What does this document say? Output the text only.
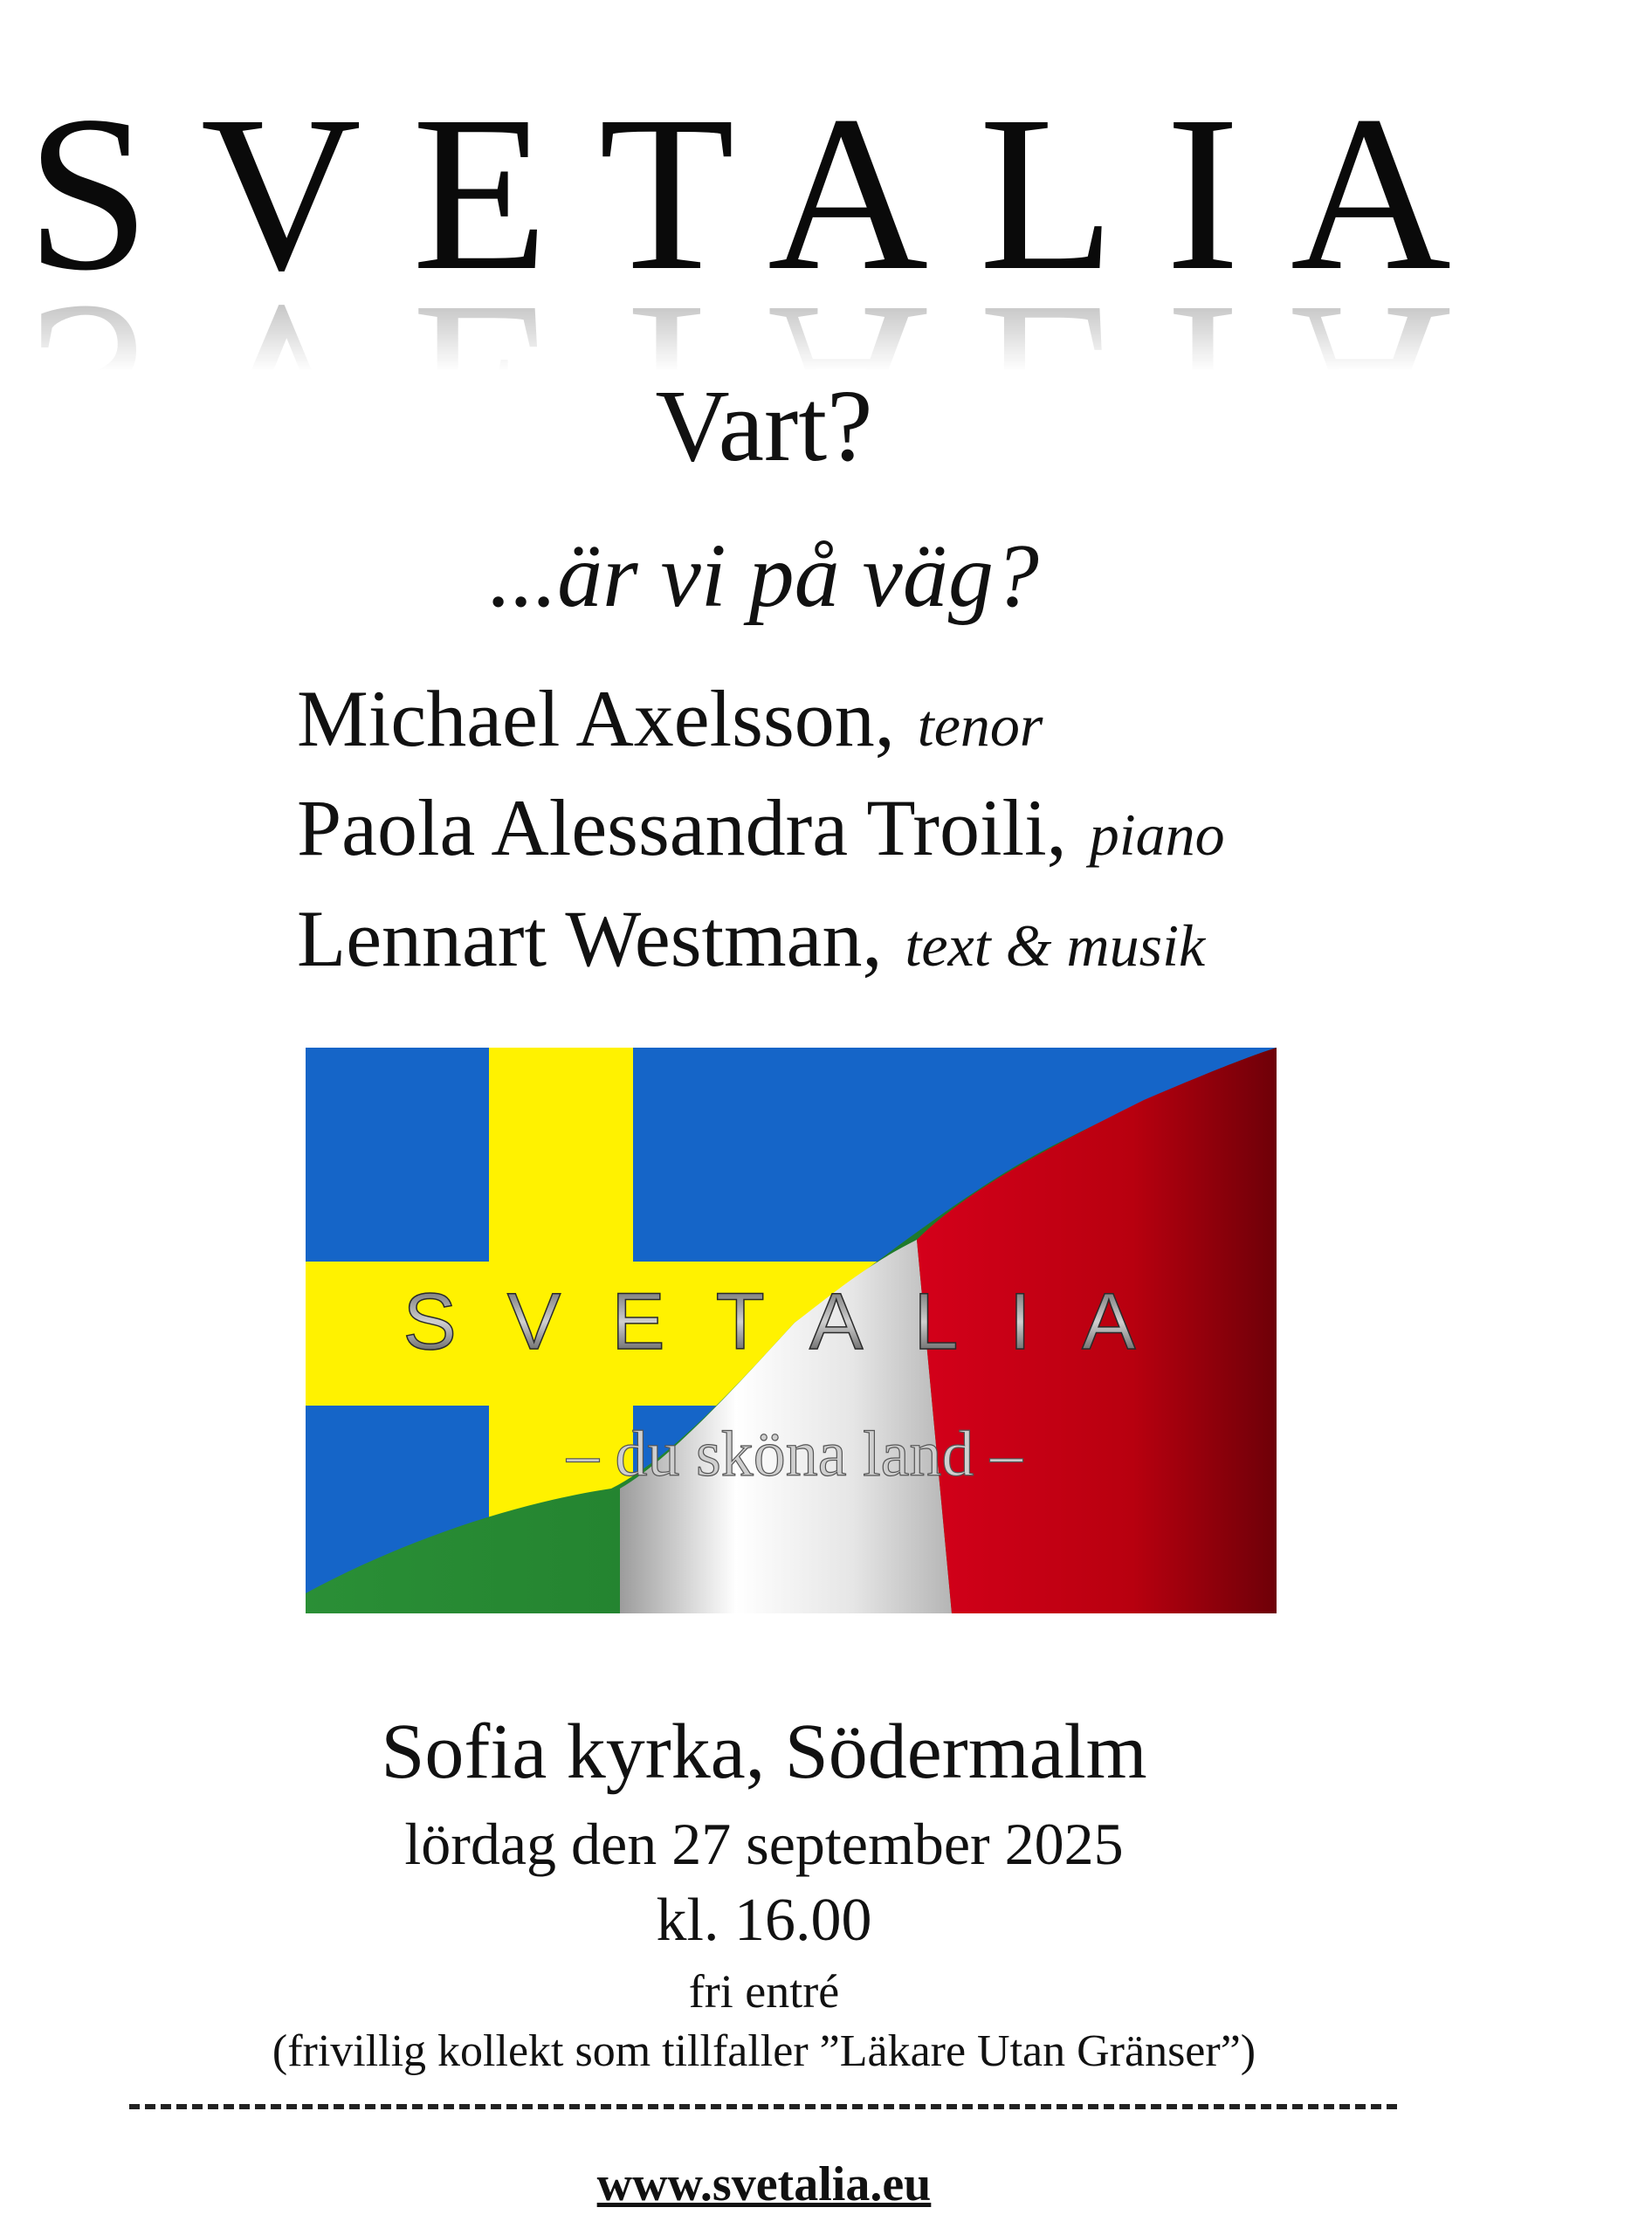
SVETALIA
Vart?
...är vi på väg?
Michael Axelsson, tenor
Paola Alessandra Troili, piano
Lennart Westman, text & musik
SVETALIA
– du sköna land –
Sofia kyrka, Södermalm
lördag den 27 september 2025
kl. 16.00
fri entré
(frivillig kollekt som tillfaller ”Läkare Utan Gränser”)
www.svetalia.eu
